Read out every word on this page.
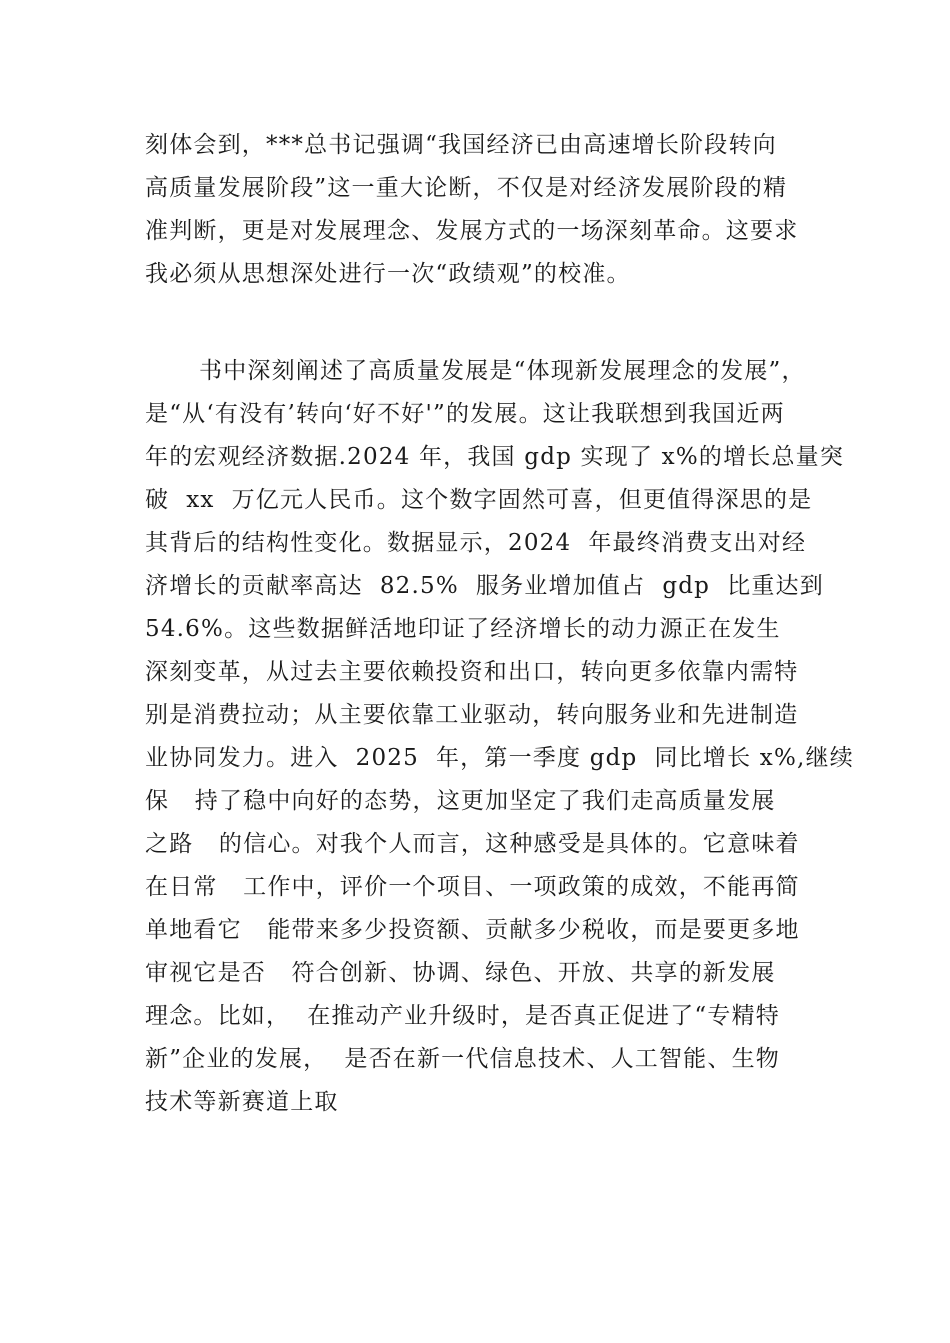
刻体会到，***总书记强调“我国经济已由高速增长阶段转向
高质量发展阶段”这一重大论断，不仅是对经济发展阶段的精
准判断，更是对发展理念、发展方式的一场深刻革命。这要求
我必须从思想深处进行一次“政绩观”的校准。
书中深刻阐述了高质量发展是“体现新发展理念的发展”，
是“从‘有没有’转向‘好不好'”的发展。这让我联想到我国近两
年的宏观经济数据.2024 年，我国 gdp 实现了 x%的增长总量突
破  xx  万亿元人民币。这个数字固然可喜，但更值得深思的是
其背后的结构性变化。数据显示，2024  年最终消费支出对经
济增长的贡献率高达  82.5%  服务业增加值占  gdp  比重达到
54.6%。这些数据鲜活地印证了经济增长的动力源正在发生
深刻变革，从过去主要依赖投资和出口，转向更多依靠内需特
别是消费拉动；从主要依靠工业驱动，转向服务业和先进制造
业协同发力。进入  2025  年，第一季度 gdp  同比增长 x%,继续
保   持了稳中向好的态势，这更加坚定了我们走高质量发展
之路   的信心。对我个人而言，这种感受是具体的。它意味着
在日常   工作中，评价一个项目、一项政策的成效，不能再简
单地看它   能带来多少投资额、贡献多少税收，而是要更多地
审视它是否   符合创新、协调、绿色、开放、共享的新发展
理念。比如，  在推动产业升级时，是否真正促进了“专精特
新”企业的发展，  是否在新一代信息技术、人工智能、生物
技术等新赛道上取
